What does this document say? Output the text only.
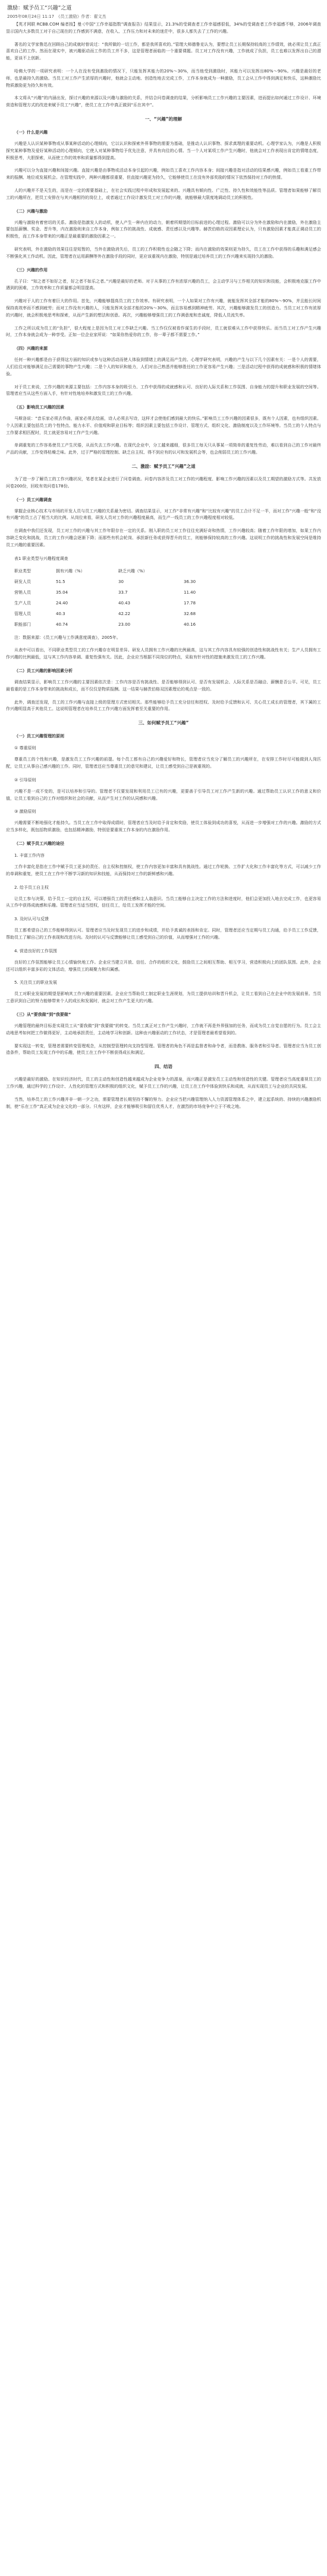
激励：赋予员工“兴趣”之道
2005年08月24日 11:17　《员工激励》作者：翟文杰
【英才网联 RCBB.COM 编者按】曼·《中国“工作幸福指数”调查报告》结果显示，21.3%的受调查者工作幸福感很低，34%的受调查者工作幸福感不够，2006年调查显示国内大多数员工对于自己现在的工作感到不满意，在收入、工作压力和对未来的迷茫中，很多人都失去了工作的兴趣。
著名的文学家鲁迅在回顾自己的成就时曾说过：“我所做的一切工作，都是我所喜欢的。”管理大师德鲁克认为，要想让员工长期保持较高的工作绩效，就必须让员工真正喜欢自己的工作。然而在现实中，被兴趣驱动而工作的员工并不多，这是管理者面临的一个重要课题。员工对工作没有兴趣，工作就成了负担，员工也难以发挥出自己的潜能，更谈不上创新。
哈佛大学的一项研究表明：一个人在没有受到激励的情况下，只能发挥其能力的20%～30%，而当他受到激励时，其能力可以发挥出80%～90%。兴趣是最好的老师，也是最持久的激励。当员工对工作产生浓厚的兴趣时，他就会主动地、创造性地去完成工作，工作本身就成为一种激励，员工会从工作中得到满足和快乐，这种激励比物质激励更为持久和有效。
本文将从“兴趣”的内涵出发，探讨兴趣的来源以及兴趣与激励的关系，并结合问卷调查的结果，分析影响员工工作兴趣的主要因素，进而提出如何通过工作设计、环境营造和管理方式的改进来赋予员工“兴趣”，使员工在工作中真正做到“乐在其中”。
一、“兴趣”的理解
（一）什么是兴趣
兴趣是人认识某种事物或从事某种活动的心理倾向，它以认识和探索外界事物的需要为基础，是推动人认识事物、探求真理的重要动机。心理学家认为，兴趣是人积极探究某种事物及爱好某种活动的心理倾向，它使人对某种事物给予优先注意，并具有向往的心情。当一个人对某项工作产生兴趣时，他就会对工作表现出肯定的情绪态度，积极思考，大胆探索，从而使工作的效率和质量都得到提高。
兴趣可以分为直接兴趣和间接兴趣。直接兴趣是由事物或活动本身引起的兴趣，例如员工喜欢工作内容本身；间接兴趣是指对活动的结果感兴趣，例如员工看重工作带来的报酬、地位或发展机会。在管理实践中，两种兴趣都很重要，但直接兴趣更为持久，它能够使员工在没有外部奖励的情况下依然保持对工作的热情。
人的兴趣并不是天生的，而是在一定的需要基础上，在社会实践过程中形成和发展起来的。兴趣具有倾向性、广泛性、持久性和效能性等品质。管理者如果能够了解员工的兴趣所在，把员工安排在与其兴趣相符的岗位上，或者通过工作设计激发员工对工作的兴趣，就能够最大限度地调动员工的积极性。
（二）兴趣与激励
兴趣与激励有着密切的关系。激励是指激发人的动机，使人产生一种内在的动力，朝着所期望的目标前进的心理过程。激励可以分为外在激励和内在激励，外在激励主要包括薪酬、奖金、晋升等，内在激励则来自工作本身，例如工作的挑战性、成就感、责任感以及兴趣等。赫茨伯格的双因素理论认为，只有激励因素才能真正调动员工的积极性，而工作本身带来的兴趣正是最重要的激励因素之一。
研究表明，外在激励的效果往往是短暂的，当外在激励消失后，员工的工作积极性也会随之下降；而内在激励的效果则更为持久，员工在工作中获得的乐趣和满足感会不断强化其工作动机。因此，管理者在运用薪酬等外在激励手段的同时，更应该重视内在激励，特别是通过培养员工的工作兴趣来实现持久的激励。
（三）兴趣的作用
孔子曰：“知之者不如好之者，好之者不如乐之者。”兴趣是最好的老师。对于从事的工作有浓厚兴趣的员工，会主动学习与工作相关的知识和技能，会积极地克服工作中遇到的困难，工作效率和工作质量都会明显提高。
兴趣对于人的工作有着巨大的作用。首先，兴趣能够提高员工的工作效率。有研究表明，一个人如果对工作有兴趣，就能发挥其全部才能的80%～90%，并且能长时间保持高效率而不感到疲劳；而对工作没有兴趣的人，只能发挥其全部才能的20%～30%，而且容易感到精神疲劳。其次，兴趣能够激发员工的创造力。当员工对工作有浓厚的兴趣时，就会积极地思考和探索，从而产生新的想法和创意。再次，兴趣能够增强员工的工作满意度和忠诚度，降低人员流失率。
工作之所以成为员工的“负担”，很大程度上是因为员工对工作缺乏兴趣。当工作仅仅被看作谋生的手段时，员工就很难从工作中获得快乐。而当员工对工作产生兴趣时，工作本身就会成为一种享受。正如一位企业家所说：“如果你热爱你的工作，你一辈子都不需要工作。”
（四）兴趣的来源
任何一种兴趣都是由于获得这方面的知识或参与这种活动而使人体验到情绪上的满足而产生的。心理学研究表明，兴趣的产生与以下几个因素有关：一是个人的需要，人们往往对能够满足自己需要的事物产生兴趣；二是个人的知识和能力，人们对自己熟悉并能够胜任的工作更容易产生兴趣；三是活动过程中获得的成就感和积极的情绪体验。
对于员工来说，工作兴趣的来源主要包括：工作内容本身的吸引力、工作中获得的成就感和认可、良好的人际关系和工作氛围、自身能力的提升和职业发展的空间等。管理者应当从这些方面入手，有针对性地培养和激发员工的工作兴趣。
（五）影响员工兴趣的因素
马斯洛说：“音乐家必须去作曲，画家必须去绘画，诗人必须去写诗，这样才会使他们感到最大的快乐。”影响员工工作兴趣的因素很多，既有个人因素，也有组织因素。个人因素主要包括员工的个性特点、能力水平、价值观和职业目标等；组织因素主要包括工作设计、管理方式、组织文化、激励制度以及工作环境等。当员工的个人特点与工作要求相匹配时，员工就更容易对工作产生兴趣。
单调重复的工作容易使员工产生厌倦，从而失去工作兴趣。在现代企业中，分工越来越细，很多员工每天只从事某一项简单的重复性劳动，难以看到自己的工作对最终产品的贡献，工作变得枯燥乏味。此外，过于严格的管理控制、缺乏自主权、得不到应有的认可和发展机会等，也会削弱员工的工作兴趣。
二、激励：赋予员工“兴趣”之道
为了进一步了解员工的工作兴趣状况，笔者在某企业进行了问卷调查。问卷内容涉及员工对工作的兴趣程度、影响工作兴趣的因素以及员工期望的激励方式等。共发放问卷200份，回收有效问卷178份。
（一）员工兴趣调查
掌握企业核心技术与市场的开发人员与员工兴趣的关系最为密切。调查结果显示，对工作“非常有兴趣”和“比较有兴趣”的员工合计不足一半，而对工作“兴趣一般”和“没有兴趣”的员工占了相当大的比例。从岗位来看，研发人员对工作的兴趣程度最高，而生产一线员工的工作兴趣程度相对较低。
在调查中我们还发现，员工对工作的兴趣与其工作年限存在一定的关系。刚入职的员工对工作往往充满好奇和热情，工作兴趣较高；随着工作年限的增加，如果工作内容缺乏变化和挑战，员工的工作兴趣会逐渐下降；而那些有机会轮岗、承担新任务或获得晋升的员工，则能够保持较高的工作兴趣。这说明工作的挑战性和发展空间是维持员工兴趣的重要因素。
表1 职业类型与兴趣程度调查
职业类型	拥有兴趣（%）	缺乏兴趣（%）	
研发人员	51.5	30	36.30
营销人员	35.04	33.7	11.40
生产人员	24.40	40.43	17.78
管理人员	40.3	42.22	32.68
职能部门	40.74	23.00	40.16
注：数据来源：《员工兴趣与工作满意度调查》，2005年。
从表中可以看出，不同职业类型员工的工作兴趣存在明显差异。研发人员拥有工作兴趣的比例最高，这与其工作内容具有较强的创造性和挑战性有关；生产人员拥有工作兴趣的比例最低，这与其工作内容单调、重复性强有关。因此，企业应当根据不同岗位的特点，采取有针对性的措施来激发员工的工作兴趣。
（二）员工兴趣的影响因素分析
调查结果显示，影响员工工作兴趣的主要因素依次是：工作内容是否有挑战性、是否能够得到认可、是否有发展机会、人际关系是否融洽、薪酬是否公平。可见，员工最看重的是工作本身带来的挑战和成长，而不仅仅是物质报酬。这一结果与赫茨伯格双因素理论的观点是一致的。
此外，调查还发现，员工的工作兴趣与直接上级的管理方式密切相关。那些能够给予员工充分信任和授权、及时给予反馈和认可、关心员工成长的管理者，其下属的工作兴趣明显高于其他员工。这说明管理者在培养员工工作兴趣方面发挥着至关重要的作用。
三、如何赋予员工“兴趣”
（一）员工兴趣管理的原则
① 尊重原则
尊重员工的个性和兴趣，是激发员工工作兴趣的前提。每个员工都有自己的兴趣爱好和特长，管理者应当充分了解员工的兴趣所在，在安排工作时尽可能做到人岗匹配，让员工从事自己感兴趣的工作。同时，管理者还应当尊重员工的意见和建议，让员工感受到自己是被重视的。
② 引导原则
兴趣不是一成不变的，是可以培养和引导的。管理者不仅要发现和利用员工已有的兴趣，更要善于引导员工对工作产生新的兴趣。通过帮助员工认识工作的意义和价值，让员工看到自己的工作对组织和社会的贡献，从而产生对工作的认同感和兴趣。
③ 激励原则
兴趣需要不断地强化才能持久。当员工在工作中取得成绩时，管理者应当及时给予肯定和奖励，使员工体验到成功的喜悦，从而进一步增强对工作的兴趣。激励的方式应当多样化，既包括物质激励，也包括精神激励，特别是要重视工作本身的内在激励作用。
（二）赋予员工兴趣的途径
1. 丰富工作内容
工作丰富化是指在工作中赋予员工更多的责任、自主权和控制权，使工作内容更加丰富和具有挑战性。通过工作轮换、工作扩大化和工作丰富化等方式，可以减少工作的单调和重复，使员工在工作中不断学习新的知识和技能，从而保持对工作的新鲜感和兴趣。
2. 给予员工自主权
让员工参与决策，给予员工一定的自主权，可以增强员工的责任感和主人翁意识。当员工能够自主决定工作的方法和进度时，他们会更加投入地去完成工作，也更容易从工作中获得成就感和乐趣。管理者应当适当授权，信任员工，给员工发挥才能的空间。
3. 及时认可与反馈
员工都希望自己的工作能够得到认可。管理者应当及时发现员工的进步和成绩，并给予真诚的表扬和肯定。同时，管理者还应当定期与员工沟通，给予员工工作反馈，帮助员工了解自己的工作表现和改进方向。及时的认可与反馈能够让员工感受到自己的价值，从而增强对工作的兴趣。
4. 营造良好的工作氛围
良好的工作氛围能够让员工心情愉快地工作。企业应当建立开放、信任、合作的组织文化，鼓励员工之间相互帮助、相互学习，营造积极向上的团队氛围。此外，企业还可以组织丰富多彩的文体活动，增强员工的凝聚力和归属感。
5. 关注员工的职业发展
员工对职业发展的期望是影响其工作兴趣的重要因素。企业应当帮助员工制定职业生涯规划，为员工提供培训和晋升机会，让员工看到自己在企业中的发展前景。当员工意识到自己的努力能够带来个人的成长和发展时，就会对工作产生更大的兴趣。
（三）从“要我做”到“我要做”
兴趣管理的最终目标是实现员工从“要我做”到“我要做”的转变。当员工真正对工作产生兴趣时，工作就不再是外界强加的任务，而成为员工自觉自愿的行为。员工会主动地思考如何把工作做得更好，主动地承担责任，主动地学习和创新。这种由兴趣驱动的工作状态，才是管理者最希望看到的。
要实现这一转变，管理者需要转变管理观念，从控制型管理转向支持型管理。管理者的角色不再是监督者和命令者，而是教练、服务者和引导者。管理者应当为员工创造条件，帮助员工发现工作中的乐趣，使员工在工作中不断获得成长和满足。
四、结语
兴趣是最好的激励。在知识经济时代，员工的主动性和创造性越来越成为企业竞争力的源泉，而兴趣正是激发员工主动性和创造性的关键。管理者应当高度重视员工的工作兴趣，通过科学的工作设计、人性化的管理方式和积极的组织文化，赋予员工工作的兴趣，让员工在工作中体验到快乐和成就，从而实现员工与企业的共同发展。
当然，培养员工的工作兴趣并非一朝一夕之功，需要管理者长期坚持不懈的努力。企业应当把兴趣管理纳入人力资源管理体系之中，建立起系统的、持续的兴趣激励机制，使“乐在工作”真正成为企业文化的一部分。只有这样，企业才能够吸引和留住优秀人才，在激烈的市场竞争中立于不败之地。
